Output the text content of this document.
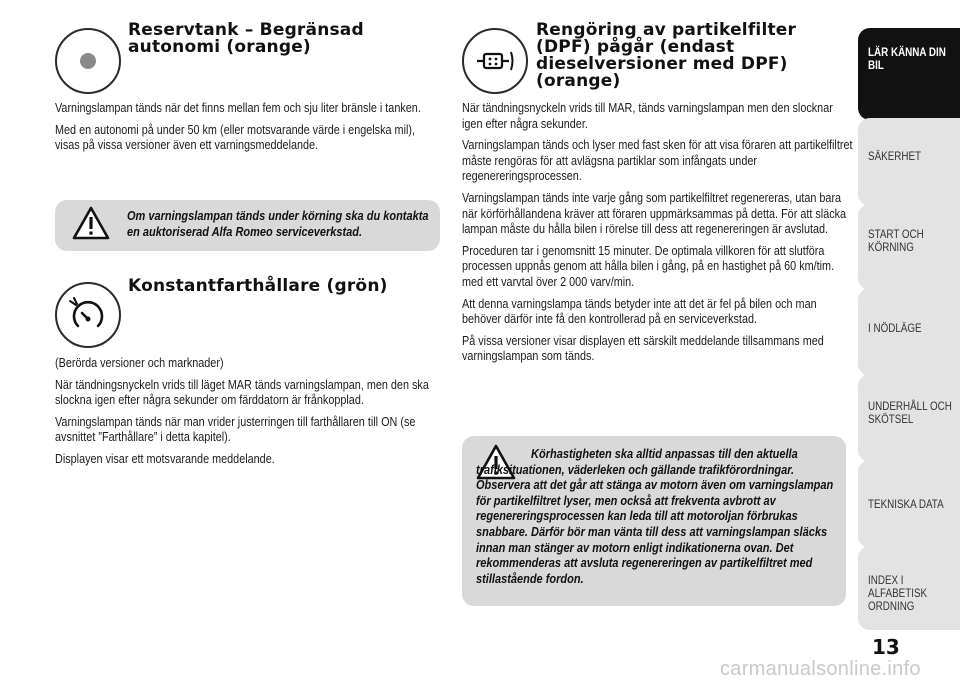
Reservtank – Begränsad autonomi (orange)

Varningslampan tänds när det finns mellan fem och sju liter bränsle i tanken.

Med en autonomi på under 50 km (eller motsvarande värde i engelska mil), visas på vissa versioner även ett varningsmeddelande.

Om varningslampan tänds under körning ska du kontakta en auktoriserad Alfa Romeo serviceverkstad.
Konstantfarthållare (grön)

(Berörda versioner och marknader)

När tändningsnyckeln vrids till läget MAR tänds varningslampan, men den ska slockna igen efter några sekunder om färddatorn är frånkopplad.

Varningslampan tänds när man vrider justerringen till farthållaren till ON (se avsnittet ”Farthållare” i detta kapitel).

Displayen visar ett motsvarande meddelande.

Rengöring av partikelfilter (DPF) pågår (endast dieselversioner med DPF) (orange)

När tändningsnyckeln vrids till MAR, tänds varningslampan men den slocknar igen efter några sekunder.

Varningslampan tänds och lyser med fast sken för att visa föraren att partikelfiltret måste rengöras för att avlägsna partiklar som infångats under regenereringsprocessen.

Varningslampan tänds inte varje gång som partikelfiltret regenereras, utan bara när körförhållandena kräver att föraren uppmärksammas på detta. För att släcka lampan måste du hålla bilen i rörelse till dess att regenereringen är avslutad.

Proceduren tar i genomsnitt 15 minuter. De optimala villkoren för att slutföra processen uppnås genom att hålla bilen i gång, på en hastighet på 60 km/tim. med ett varvtal över 2 000 varv/min.

Att denna varningslampa tänds betyder inte att det är fel på bilen och man behöver därför inte få den kontrollerad på en serviceverkstad.

På vissa versioner visar displayen ett särskilt meddelande tillsammans med varningslampan som tänds.

Körhastigheten ska alltid anpassas till den aktuella trafiksituationen, väderleken och gällande trafikförordningar. Observera att det går att stänga av motorn även om varningslampan för partikelfiltret lyser, men också att frekventa avbrott av regenereringsprocessen kan leda till att motoroljan förbrukas snabbare. Därför bör man vänta till dess att varningslampan släcks innan man stänger av motorn enligt indikationerna ovan. Det rekommenderas att avsluta regenereringen av partikelfiltret med stillastående fordon.
LÄR KÄNNA DIN
BIL
SÄKERHET
START OCH
KÖRNING
I NÖDLÄGE
UNDERHÅLL OCH
SKÖTSEL
TEKNISKA DATA
INDEX I ALFABETISK
ORDNING
13
carmanualsonline.info
